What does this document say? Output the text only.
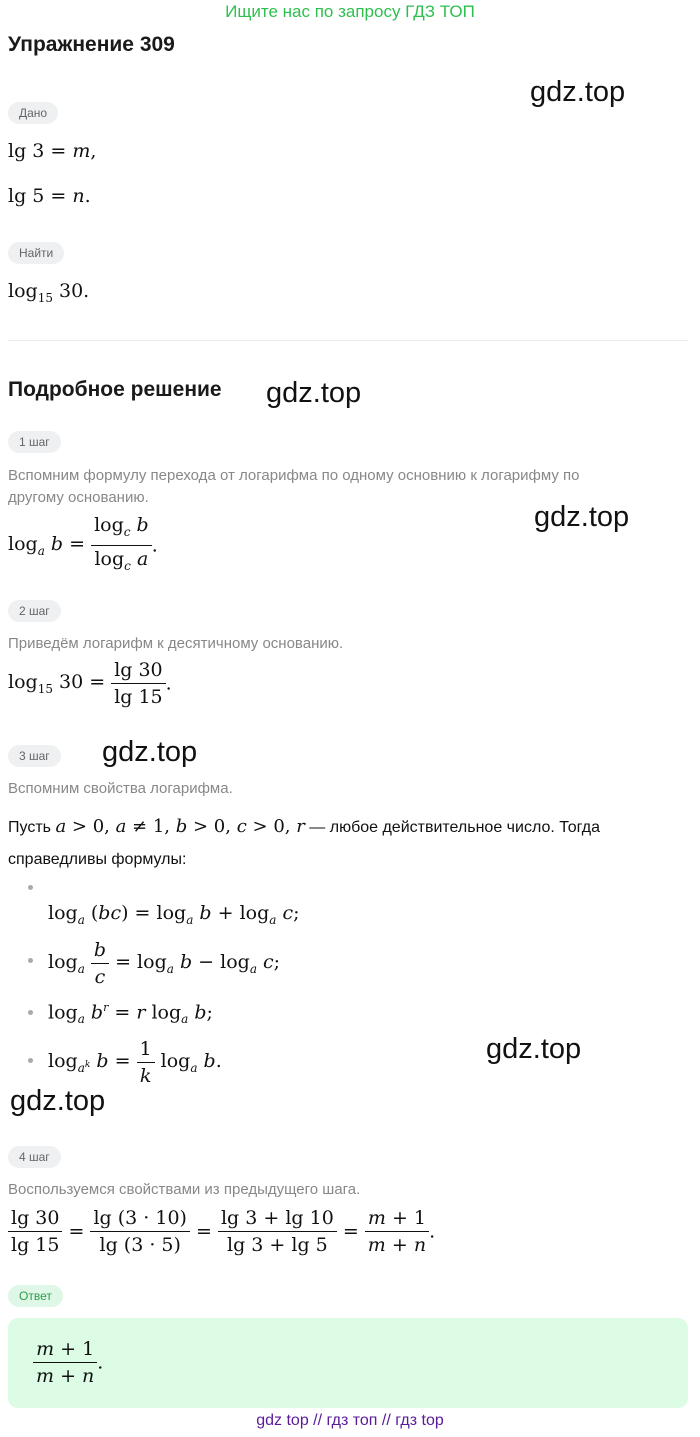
Ищите нас по запросу ГДЗ ТОП
Упражнение 309
gdz.top
Дано
lg 3 = m,
lg 5 = n.
Найти
$\log_{15} 30$.
Подробное решение gdz.top
1 шаг
Вспомним формулу перехода от логарифма по одному основнию к логарифму по
другому основанию.
gdz.top
$\log_a b = \frac{\log_c b}{\log_c a}$ .
2 шаг
Приведём логарифм к десятичному основанию.
$\log_{15} 30 = \frac{\lg 30}{\lg 15}$ .
3 шаг	gdz.top
Вспомним свойства логарифма.
Пусть a > 0, a ≠ 1, b > 0, c > 0, r — любое действительное число. Тогда
справедливы формулы:
$\log_a (bc) = \log_a b + \log_a c$;
$\log_a \frac{b}{c} = \log_a b - \log_a c$;
$\log_a b^r = r$ $\log_a b$;
$\log_{a^k} b = \frac{1}{k} \log_a b$.	gdz.top
gdz.top
4 шаг
Воспользуемся свойствами из предыдущего шага.
$\frac{\lg 30}{\lg 15} = \frac{\lg (3 \cdot 10)}{\lg (3 \cdot 5)} = \frac{\lg 3 + \lg 10}{\lg 3 + \lg 5} = \frac{m + 1}{m + n}$ .
Ответ
$\frac{m + 1}{m + n}$ .
gdz top // гдз топ // гдз top
